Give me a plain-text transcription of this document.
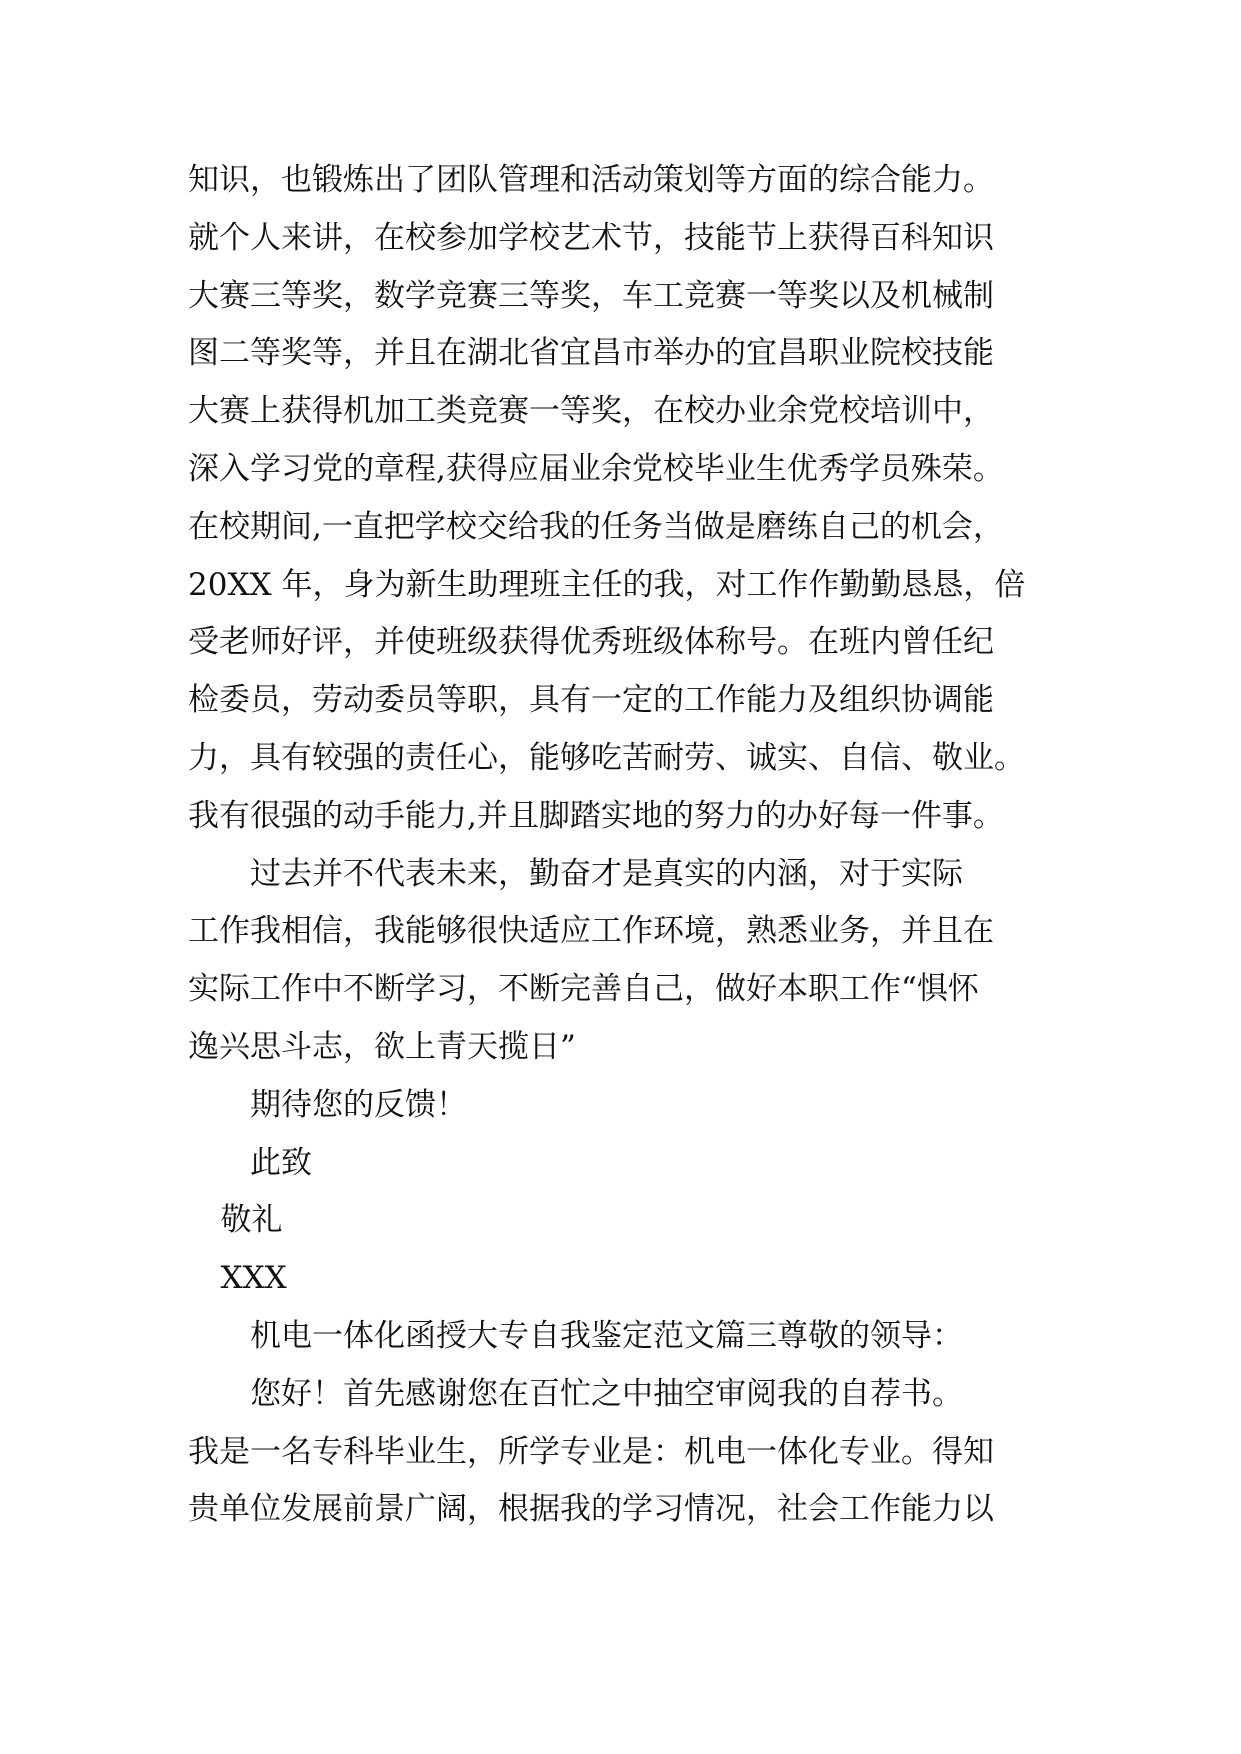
知识，也锻炼出了团队管理和活动策划等方面的综合能力。
就个人来讲，在校参加学校艺术节，技能节上获得百科知识
大赛三等奖，数学竞赛三等奖，车工竞赛一等奖以及机械制
图二等奖等，并且在湖北省宜昌市举办的宜昌职业院校技能
大赛上获得机加工类竞赛一等奖，在校办业余党校培训中，
深入学习党的章程,获得应届业余党校毕业生优秀学员殊荣。
在校期间,一直把学校交给我的任务当做是磨练自己的机会，
20XX 年，身为新生助理班主任的我，对工作作勤勤恳恳，倍
受老师好评，并使班级获得优秀班级体称号。在班内曾任纪
检委员，劳动委员等职，具有一定的工作能力及组织协调能
力，具有较强的责任心，能够吃苦耐劳、诚实、自信、敬业。
我有很强的动手能力,并且脚踏实地的努力的办好每一件事。
过去并不代表未来，勤奋才是真实的内涵，对于实际
工作我相信，我能够很快适应工作环境，熟悉业务，并且在
实际工作中不断学习，不断完善自己，做好本职工作“惧怀
逸兴思斗志，欲上青天揽日”
期待您的反馈！
此致
敬礼
XXX
机电一体化函授大专自我鉴定范文篇三尊敬的领导：
您好！首先感谢您在百忙之中抽空审阅我的自荐书。
我是一名专科毕业生，所学专业是：机电一体化专业。得知
贵单位发展前景广阔，根据我的学习情况，社会工作能力以
